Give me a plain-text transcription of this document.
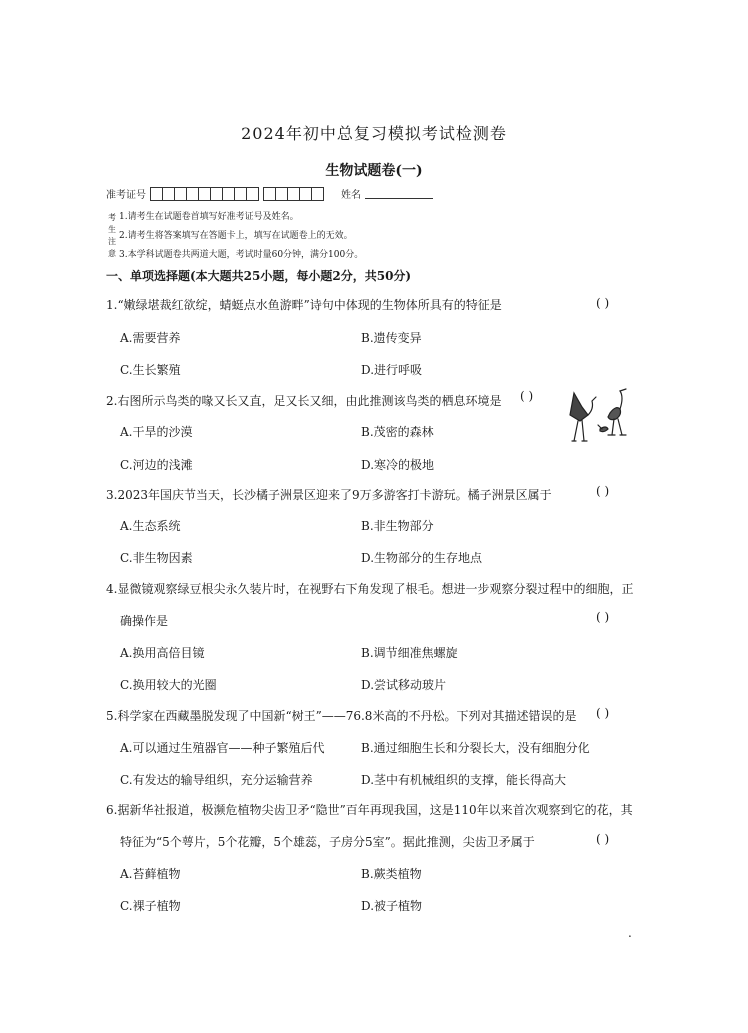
2024年初中总复习模拟考试检测卷
生物试题卷(一)
准考证号	姓名
考生注意
1.请考生在试题卷首填写好准考证号及姓名。
2.请考生将答案填写在答题卡上，填写在试题卷上的无效。
3.本学科试题卷共两道大题，考试时量60分钟，满分100分。
一、单项选择题(本大题共25小题，每小题2分，共50分)
1.“嫩绿堪裁红欲绽，蜻蜓点水鱼游畔”诗句中体现的生物体所具有的特征是	( )
A.需要营养	B.遗传变异
C.生长繁殖	D.进行呼吸
2.右图所示鸟类的喙又长又直，足又长又细，由此推测该鸟类的栖息环境是 ( )
A.干旱的沙漠	B.茂密的森林
C.河边的浅滩	D.寒冷的极地
3.2023年国庆节当天，长沙橘子洲景区迎来了9万多游客打卡游玩。橘子洲景区属于	( )
A.生态系统	B.非生物部分
C.非生物因素	D.生物部分的生存地点
4.显微镜观察绿豆根尖永久装片时，在视野右下角发现了根毛。想进一步观察分裂过程中的细胞，正
确操作是	( )
A.换用高倍目镜	B.调节细准焦螺旋
C.换用较大的光圈	D.尝试移动玻片
5.科学家在西藏墨脱发现了中国新“树王”——76.8米高的不丹松。下列对其描述错误的是 ( )
A.可以通过生殖器官——种子繁殖后代	B.通过细胞生长和分裂长大，没有细胞分化
C.有发达的输导组织，充分运输营养	D.茎中有机械组织的支撑，能长得高大
6.据新华社报道，极濒危植物尖齿卫矛“隐世”百年再现我国，这是110年以来首次观察到它的花，其
特征为“5个萼片，5个花瓣，5个雄蕊，子房分5室”。据此推测，尖齿卫矛属于	( )
A.苔藓植物	B.蕨类植物
C.裸子植物	D.被子植物
.
